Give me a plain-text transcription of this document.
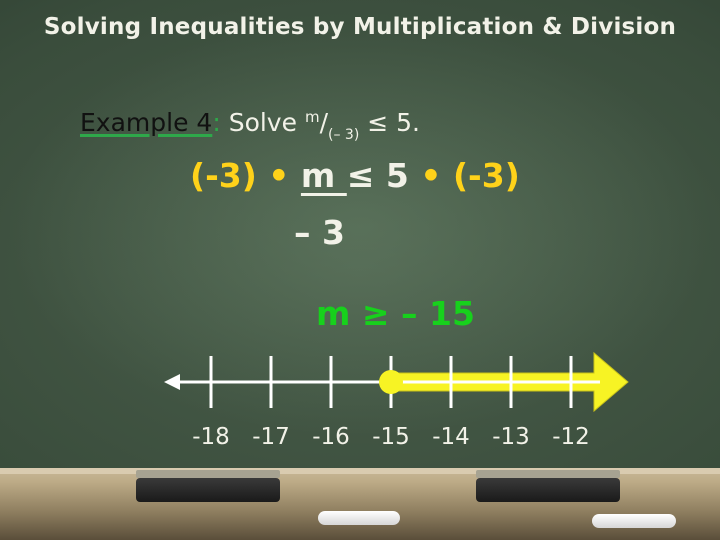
Solving Inequalities by Multiplication & Division
Example 4: Solve $^m/_{(- 3)} \le 5$.
(-3) • m ≤ 5 • (-3)
– 3
m ≥ – 15
-18 -17 -16 -15 -14 -13 -12
